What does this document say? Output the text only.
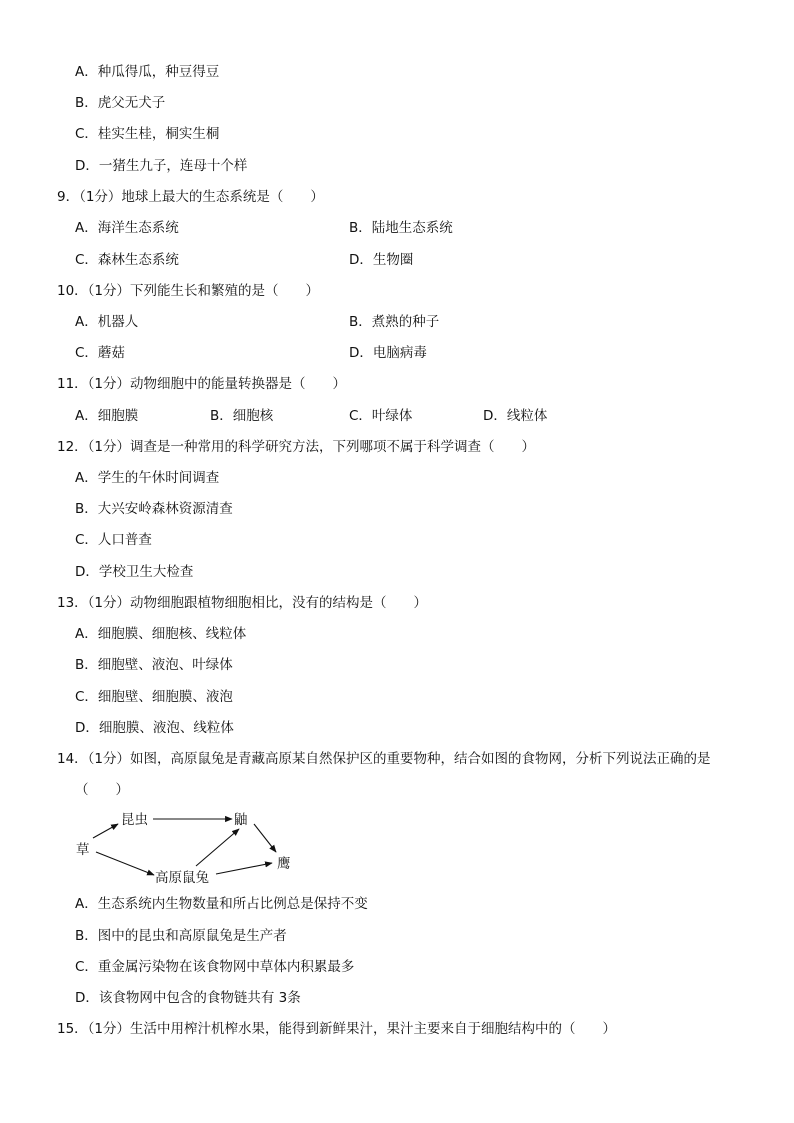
A．种瓜得瓜，种豆得豆
B．虎父无犬子
C．桂实生桂，桐实生桐
D．一猪生九子，连母十个样
9．（1分）地球上最大的生态系统是（　　）
A．海洋生态系统	B．陆地生态系统
C．森林生态系统	D．生物圈
10．（1分）下列能生长和繁殖的是（　　）
A．机器人	B．煮熟的种子
C．蘑菇	D．电脑病毒
11．（1分）动物细胞中的能量转换器是（　　）
A．细胞膜	B．细胞核	C．叶绿体	D．线粒体
12．（1分）调查是一种常用的科学研究方法，下列哪项不属于科学调查（　　）
A．学生的午休时间调查
B．大兴安岭森林资源清查
C．人口普查
D．学校卫生大检查
13．（1分）动物细胞跟植物细胞相比，没有的结构是（　　）
A．细胞膜、细胞核、线粒体
B．细胞壁、液泡、叶绿体
C．细胞壁、细胞膜、液泡
D．细胞膜、液泡、线粒体
14．（1分）如图，高原鼠兔是青藏高原某自然保护区的重要物种，结合如图的食物网，分析下列说法正确的是
（　　）
草
昆虫
高原鼠兔
鼬
鹰
A．生态系统内生物数量和所占比例总是保持不变
B．图中的昆虫和高原鼠兔是生产者
C．重金属污染物在该食物网中草体内积累最多
D．该食物网中包含的食物链共有 3条
15．（1分）生活中用榨汁机榨水果，能得到新鲜果汁，果汁主要来自于细胞结构中的（　　）
